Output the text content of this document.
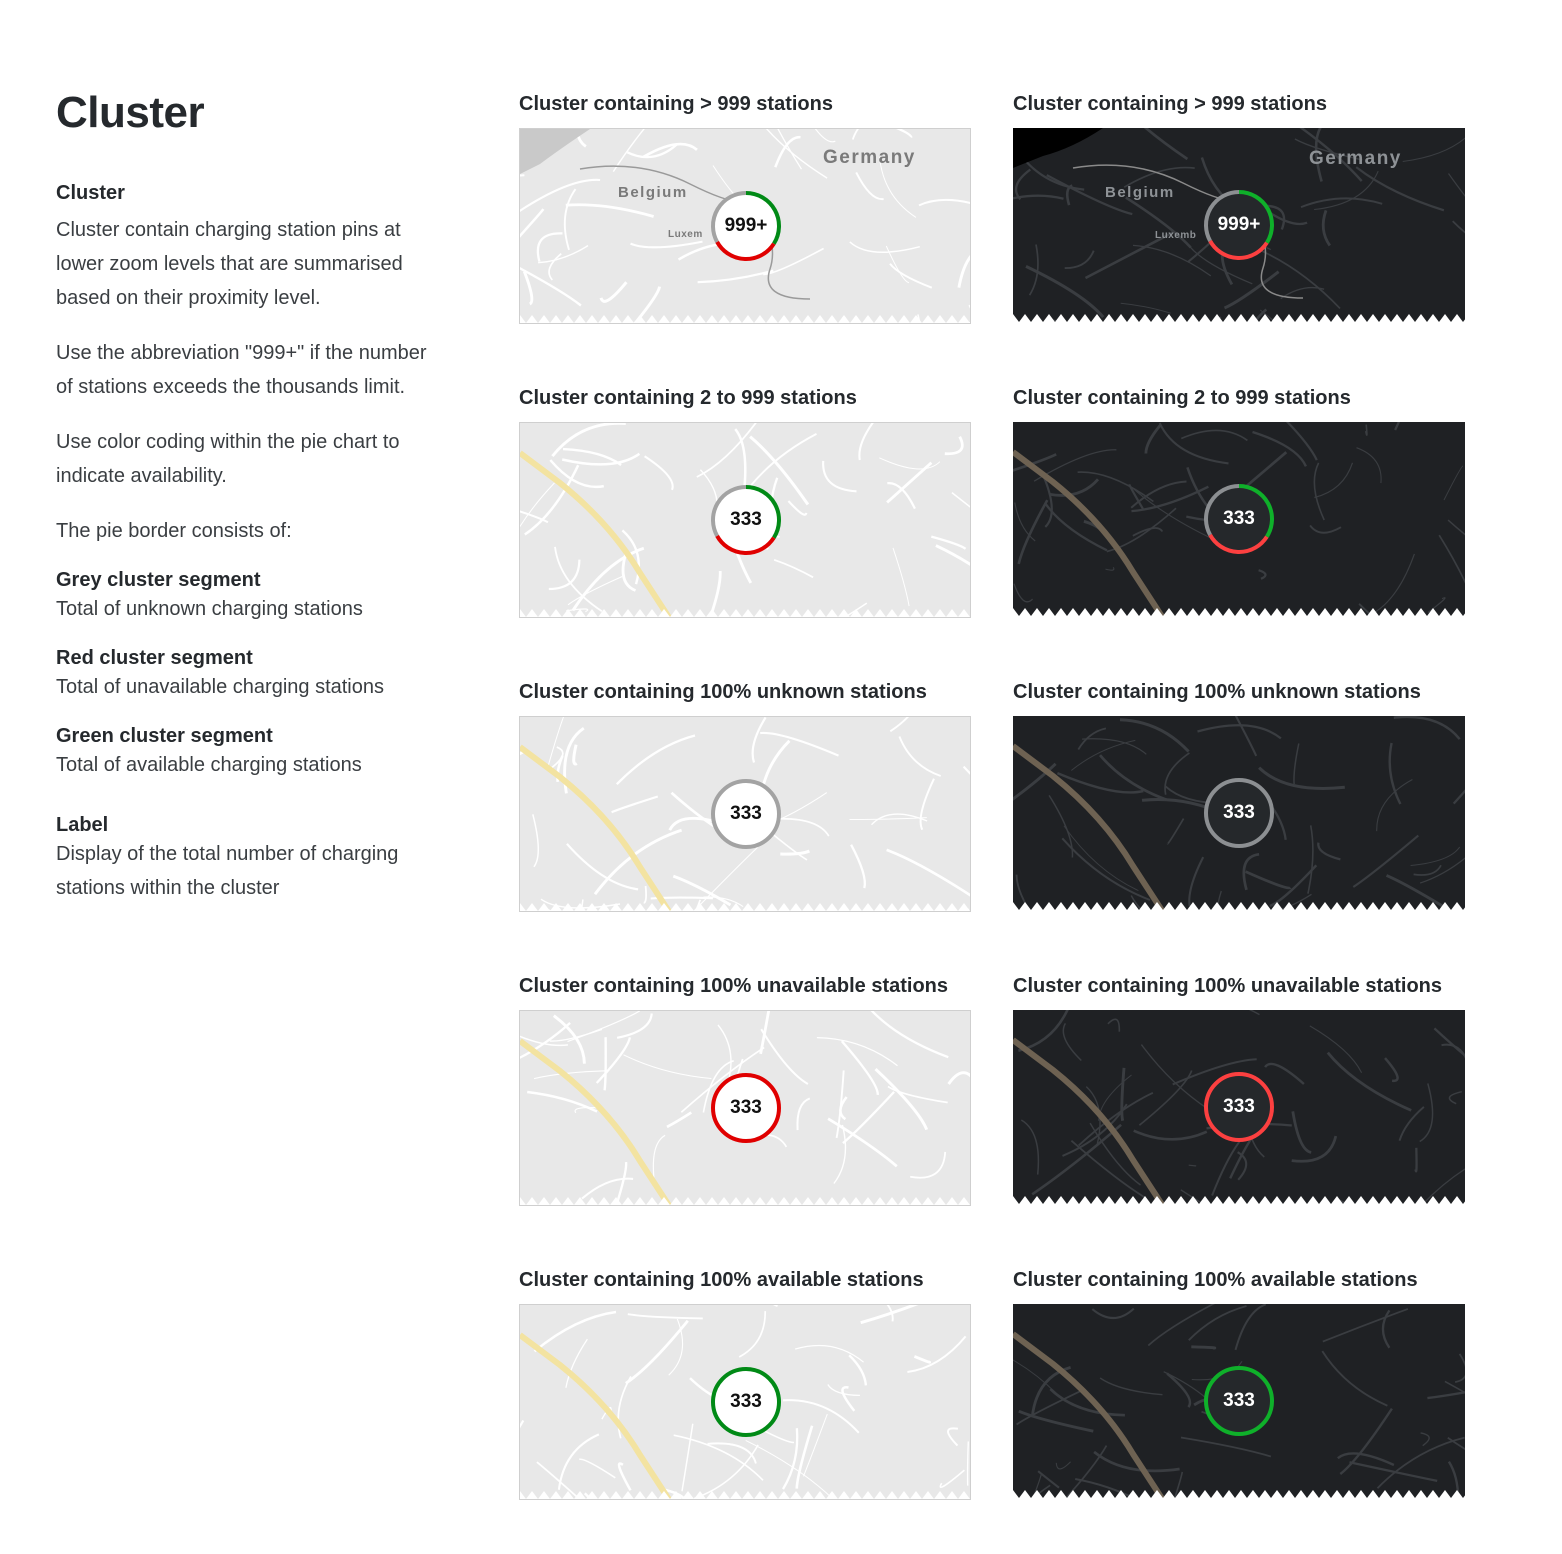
Cluster
Cluster

Cluster contain charging station pins at

lower zoom levels that are summarised

based on their proximity level.

Use the abbreviation "999+" if the number

of stations exceeds the thousands limit.

Use color coding within the pie chart to

indicate availability.

The pie border consists of:

Grey cluster segment

Total of unknown charging stations

Red cluster segment

Total of unavailable charging stations

Green cluster segment

Total of available charging stations

Label

Display of the total number of charging

stations within the cluster

Cluster containing > 999 stations
Germany
Belgium
Luxem	999+
Cluster containing > 999 stations
Germany
Belgium
Luxemb
999+
Cluster containing 2 to 999 stations
333
Cluster containing 2 to 999 stations
333
Cluster containing 100% unknown stations
333
Cluster containing 100% unknown stations
333
Cluster containing 100% unavailable stations
333
Cluster containing 100% unavailable stations
333
Cluster containing 100% available stations
333
Cluster containing 100% available stations
333
